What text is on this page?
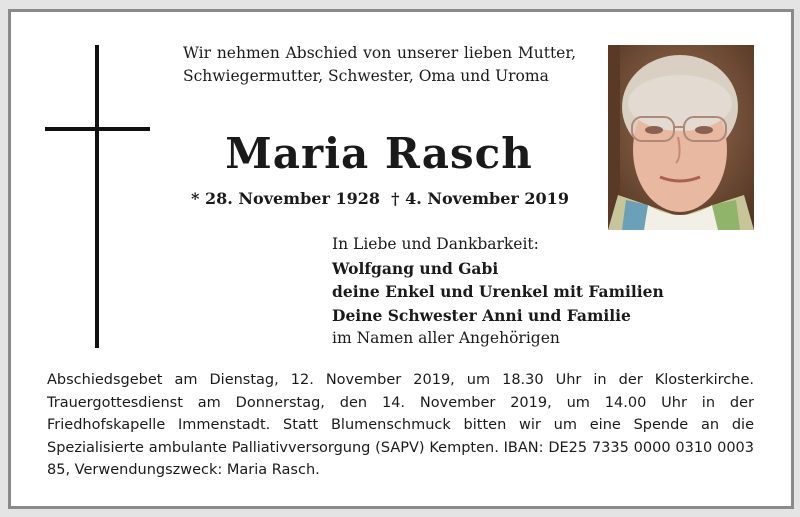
Wir nehmen Abschied von unserer lieben Mutter, Schwiegermutter, Schwester, Oma und Uroma
Maria Rasch
* 28. November 1928  † 4. November 2019
In Liebe und Dankbarkeit:
Wolfgang und Gabi
deine Enkel und Urenkel mit Familien
Deine Schwester Anni und Familie
im Namen aller Angehörigen
Abschiedsgebet am Dienstag, 12. November 2019, um 18.30 Uhr in der Klosterkirche. Trauergottesdienst am Donnerstag, den 14. November 2019, um 14.00 Uhr in der Friedhofskapelle Immenstadt. Statt Blumenschmuck bitten wir um eine Spende an die Spezialisierte ambulante Palliativversorgung (SAPV) Kempten. IBAN: DE25 7335 0000 0310 0003 85, Verwendungszweck: Maria Rasch.
